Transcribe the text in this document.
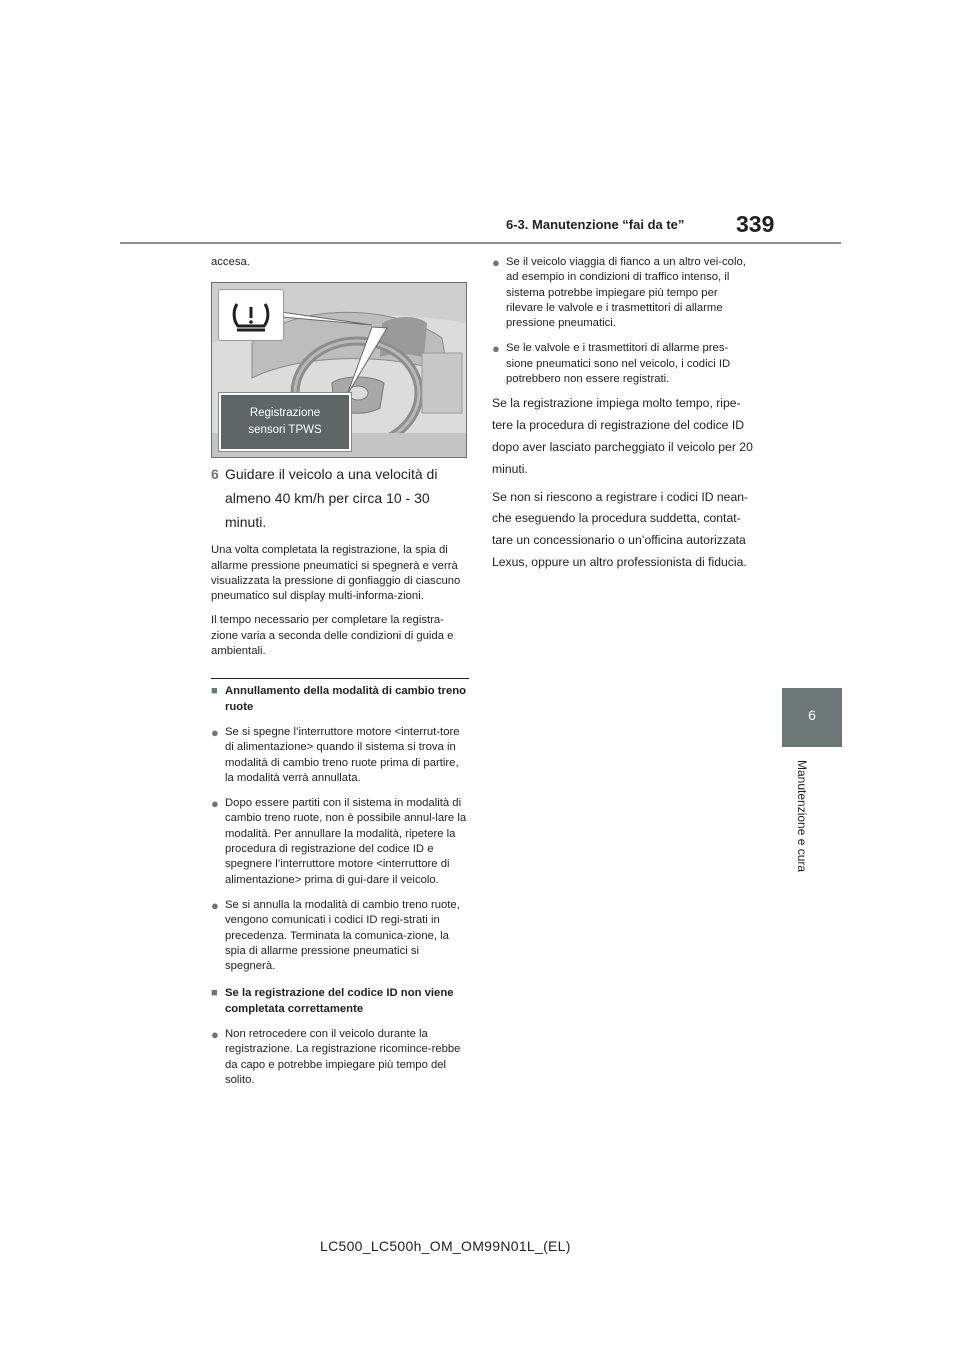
6-3. Manutenzione “fai da te” 339
6
Manutenzione e cura

accesa.

Registrazione
sensori TPWS
6 Guidare il veicolo a una velocità di almeno 40 km/h per circa 10 - 30 minuti.

Una volta completata la registrazione, la spia di allarme pressione pneumatici si spegnerà e verrà visualizzata la pressione di gonfiaggio di ciascuno pneumatico sul display multi-informa-zioni.

Il tempo necessario per completare la registra-zione varia a seconda delle condizioni di guida e ambientali.

■ Annullamento della modalità di cambio treno ruote
● Se si spegne l’interruttore motore <interrut-tore di alimentazione> quando il sistema si trova in modalità di cambio treno ruote prima di partire, la modalità verrà annullata.
● Dopo essere partiti con il sistema in modalità di cambio treno ruote, non è possibile annul-lare la modalità. Per annullare la modalità, ripetere la procedura di registrazione del codice ID e spegnere l’interruttore motore <interruttore di alimentazione> prima di gui-dare il veicolo.
● Se si annulla la modalità di cambio treno ruote, vengono comunicati i codici ID regi-strati in precedenza. Terminata la comunica-zione, la spia di allarme pressione pneumatici si spegnerà.
■ Se la registrazione del codice ID non viene completata correttamente
● Non retrocedere con il veicolo durante la registrazione. La registrazione ricomince-rebbe da capo e potrebbe impiegare più tempo del solito.
● Se il veicolo viaggia di fianco a un altro vei-colo, ad esempio in condizioni di traffico intenso, il sistema potrebbe impiegare più tempo per rilevare le valvole e i trasmettitori di allarme pressione pneumatici.
● Se le valvole e i trasmettitori di allarme pres-sione pneumatici sono nel veicolo, i codici ID potrebbero non essere registrati.

Se la registrazione impiega molto tempo, ripe-tere la procedura di registrazione del codice ID dopo aver lasciato parcheggiato il veicolo per 20 minuti.

Se non si riescono a registrare i codici ID nean-che eseguendo la procedura suddetta, contat-tare un concessionario o un’officina autorizzata Lexus, oppure un altro professionista di fiducia.

LC500_LC500h_OM_OM99N01L_(EL)
